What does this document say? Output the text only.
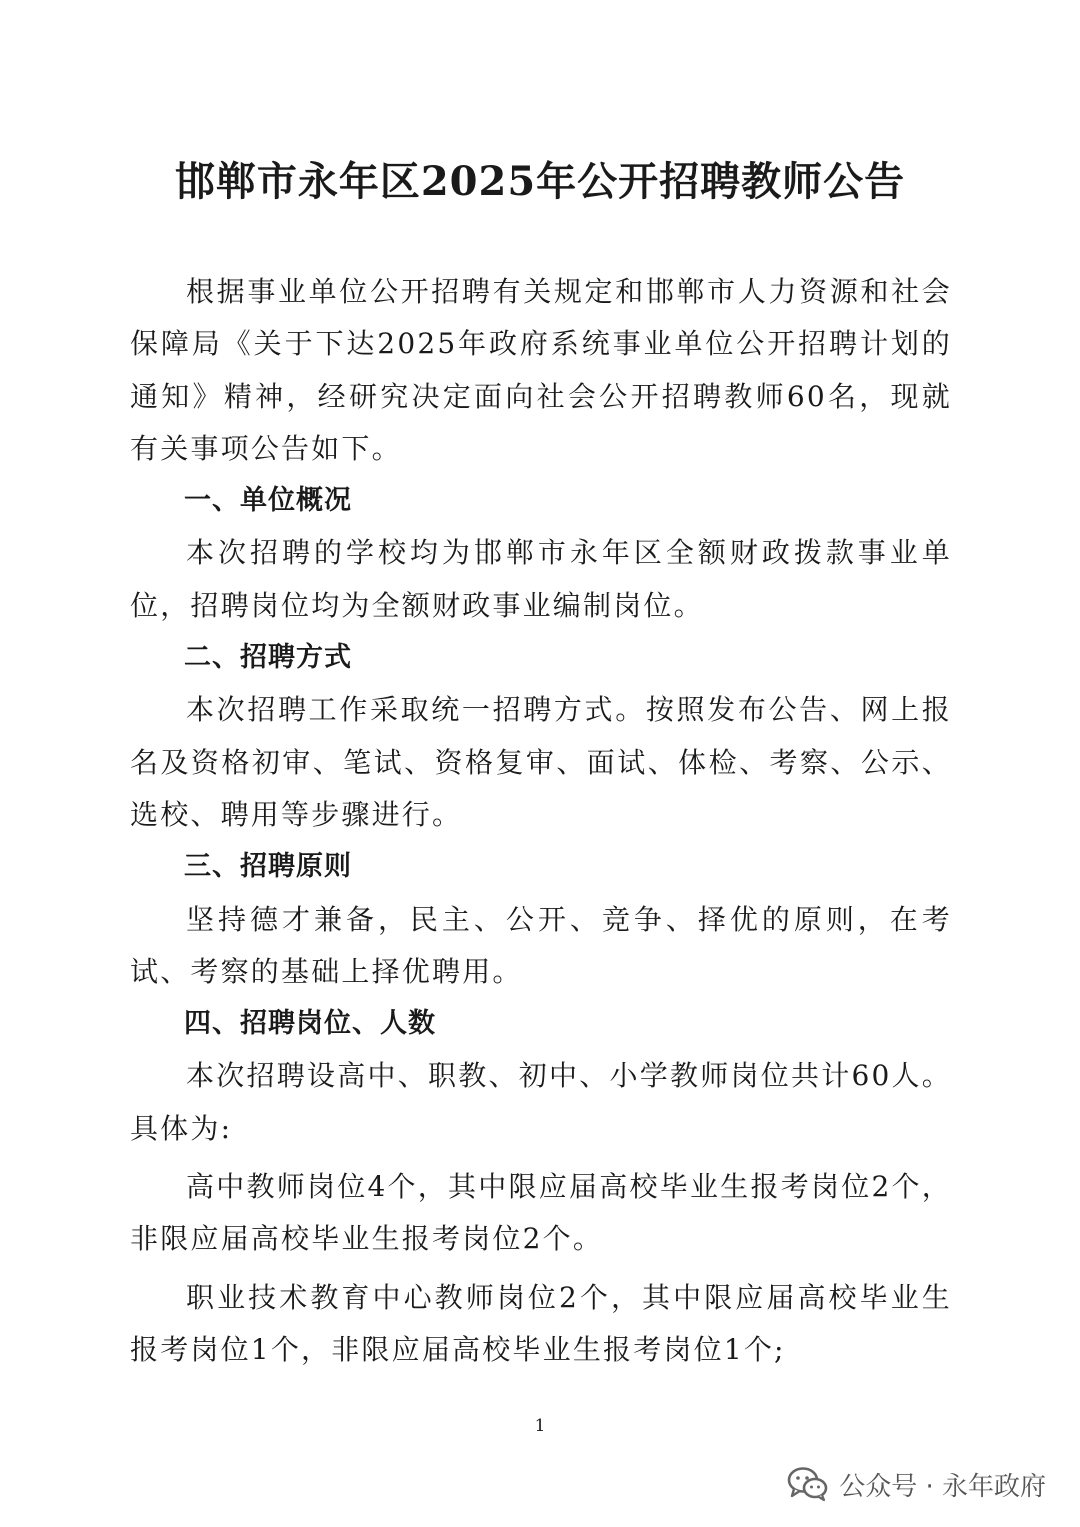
邯郸市永年区2025年公开招聘教师公告

根据事业单位公开招聘有关规定和邯郸市人力资源和社会保障局《关于下达2025年政府系统事业单位公开招聘计划的通知》精神，经研究决定面向社会公开招聘教师60名，现就有关事项公告如下。

一、单位概况

本次招聘的学校均为邯郸市永年区全额财政拨款事业单位，招聘岗位均为全额财政事业编制岗位。

二、招聘方式

本次招聘工作采取统一招聘方式。按照发布公告、网上报名及资格初审、笔试、资格复审、面试、体检、考察、公示、选校、聘用等步骤进行。

三、招聘原则

坚持德才兼备，民主、公开、竞争、择优的原则，在考试、考察的基础上择优聘用。

四、招聘岗位、人数

本次招聘设高中、职教、初中、小学教师岗位共计60人。具体为:

高中教师岗位4个，其中限应届高校毕业生报考岗位2个，非限应届高校毕业生报考岗位2个。

职业技术教育中心教师岗位2个，其中限应届高校毕业生报考岗位1个，非限应届高校毕业生报考岗位1个;

1
公众号 · 永年政府
